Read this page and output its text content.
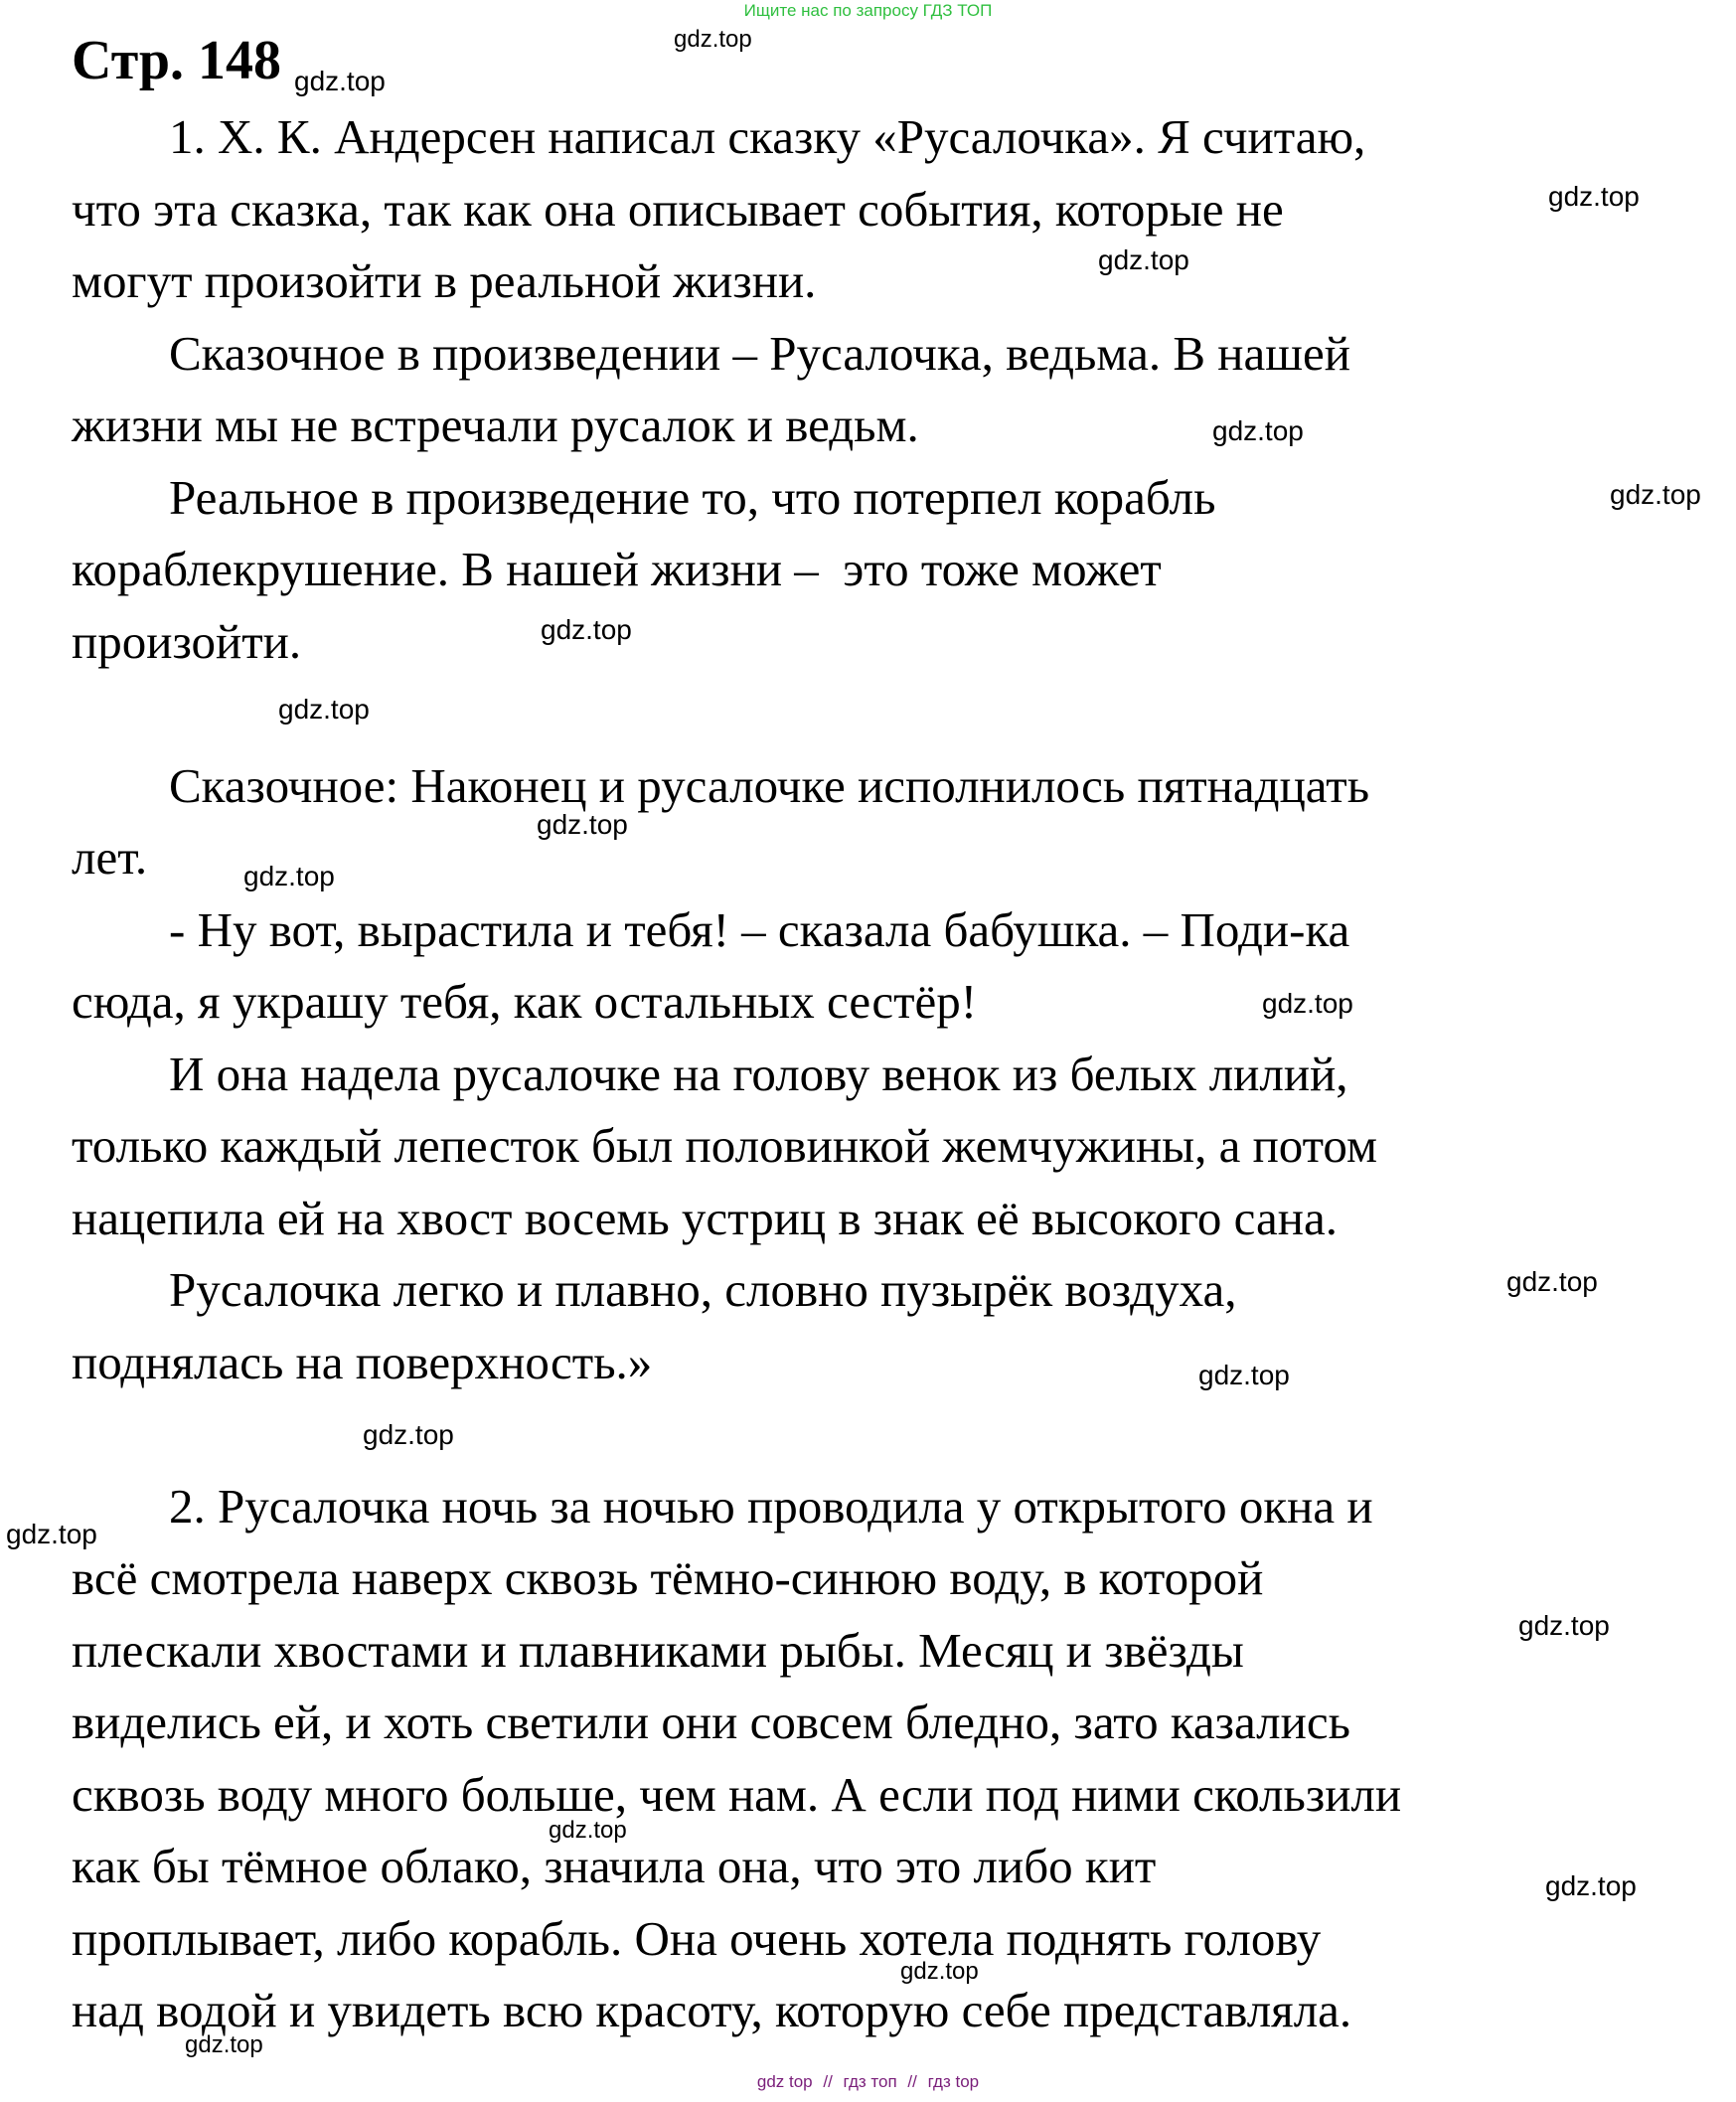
Ищите нас по запросу ГДЗ ТОП
Стр. 148
1. Х. К. Андерсен написал сказку «Русалочка». Я считаю,
что эта сказка, так как она описывает события, которые не
могут произойти в реальной жизни.
Сказочное в произведении – Русалочка, ведьма. В нашей
жизни мы не встречали русалок и ведьм.
Реальное в произведение то, что потерпел корабль
кораблекрушение. В нашей жизни –  это тоже может
произойти.
Сказочное: Наконец и русалочке исполнилось пятнадцать
лет.
- Ну вот, вырастила и тебя! – сказала бабушка. – Поди-ка
сюда, я украшу тебя, как остальных сестёр!
И она надела русалочке на голову венок из белых лилий,
только каждый лепесток был половинкой жемчужины, а потом
нацепила ей на хвост восемь устриц в знак её высокого сана.
Русалочка легко и плавно, словно пузырёк воздуха,
поднялась на поверхность.»
2. Русалочка ночь за ночью проводила у открытого окна и
всё смотрела наверх сквозь тёмно-синюю воду, в которой
плескали хвостами и плавниками рыбы. Месяц и звёзды
виделись ей, и хоть светили они совсем бледно, зато казались
сквозь воду много больше, чем нам. А если под ними скользили
как бы тёмное облако, значила она, что это либо кит
проплывает, либо корабль. Она очень хотела поднять голову
над водой и увидеть всю красоту, которую себе представляла.
gdz.top
gdz.top
gdz.top
gdz.top
gdz.top
gdz.top
gdz.top
gdz.top
gdz.top
gdz.top
gdz.top
gdz.top
gdz.top
gdz.top
gdz.top
gdz.top
gdz.top
gdz.top
gdz.top
gdz.top
gdz top // гдз топ // гдз top
